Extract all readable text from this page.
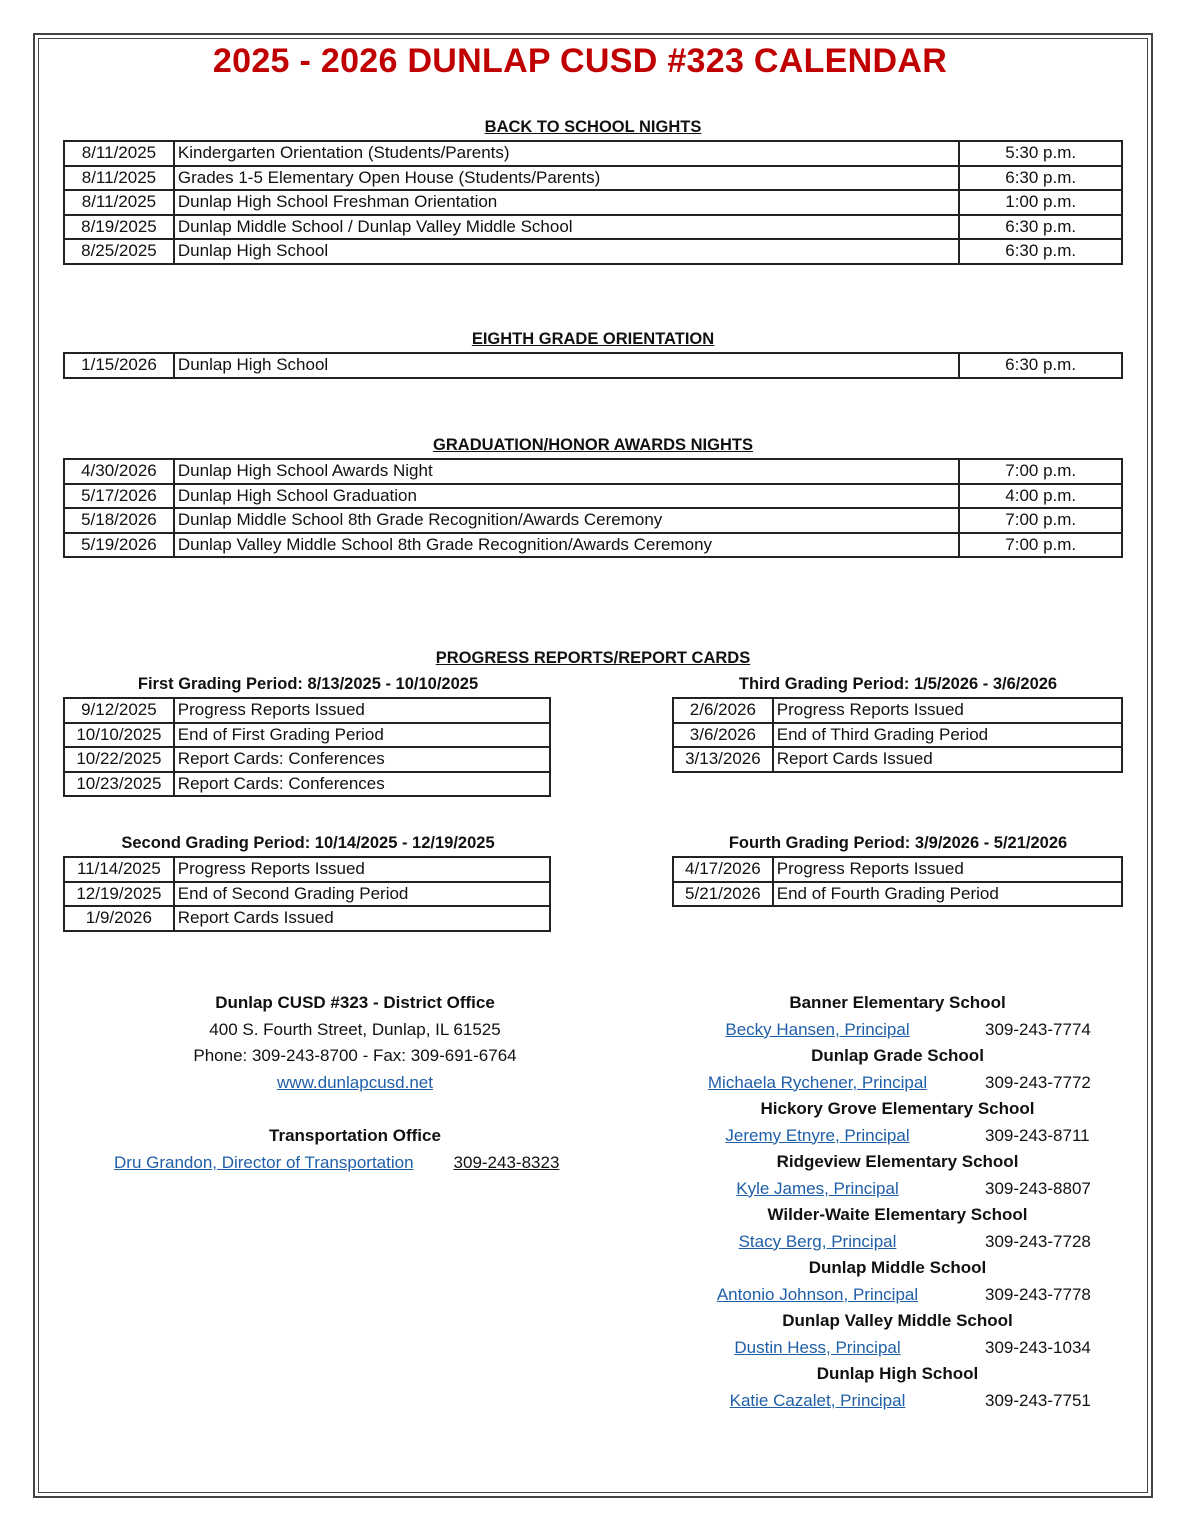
2025 - 2026 DUNLAP CUSD #323 CALENDAR
BACK TO SCHOOL NIGHTS
8/11/2025	Kindergarten Orientation (Students/Parents)	5:30 p.m.
8/11/2025	Grades 1-5 Elementary Open House (Students/Parents)	6:30 p.m.
8/11/2025	Dunlap High School Freshman Orientation	1:00 p.m.
8/19/2025	Dunlap Middle School / Dunlap Valley Middle School	6:30 p.m.
8/25/2025	Dunlap High School	6:30 p.m.
EIGHTH GRADE ORIENTATION
1/15/2026	Dunlap High School	6:30 p.m.
GRADUATION/HONOR AWARDS NIGHTS
4/30/2026	Dunlap High School Awards Night	7:00 p.m.
5/17/2026	Dunlap High School Graduation	4:00 p.m.
5/18/2026	Dunlap Middle School 8th Grade Recognition/Awards Ceremony	7:00 p.m.
5/19/2026	Dunlap Valley Middle School 8th Grade Recognition/Awards Ceremony	7:00 p.m.
PROGRESS REPORTS/REPORT CARDS
First Grading Period: 8/13/2025 - 10/10/2025
9/12/2025	Progress Reports Issued
10/10/2025	End of First Grading Period
10/22/2025	Report Cards: Conferences
10/23/2025	Report Cards: Conferences
Second Grading Period: 10/14/2025 - 12/19/2025
11/14/2025	Progress Reports Issued
12/19/2025	End of Second Grading Period
1/9/2026	Report Cards Issued
Third Grading Period: 1/5/2026 - 3/6/2026
2/6/2026	Progress Reports Issued
3/6/2026	End of Third Grading Period
3/13/2026	Report Cards Issued
Fourth Grading Period: 3/9/2026 - 5/21/2026
4/17/2026	Progress Reports Issued
5/21/2026	End of Fourth Grading Period
Dunlap CUSD #323 - District Office
400 S. Fourth Street, Dunlap, IL 61525
Phone: 309-243-8700 - Fax: 309-691-6764
www.dunlapcusd.net
Transportation Office
Dru Grandon, Director of Transportation 309-243-8323
Banner Elementary School
Becky Hansen, Principal	309-243-7774
Dunlap Grade School
Michaela Rychener, Principal	309-243-7772
Hickory Grove Elementary School
Jeremy Etnyre, Principal	309-243-8711
Ridgeview Elementary School
Kyle James, Principal	309-243-8807
Wilder-Waite Elementary School
Stacy Berg, Principal	309-243-7728
Dunlap Middle School
Antonio Johnson, Principal	309-243-7778
Dunlap Valley Middle School
Dustin Hess, Principal	309-243-1034
Dunlap High School
Katie Cazalet, Principal	309-243-7751
